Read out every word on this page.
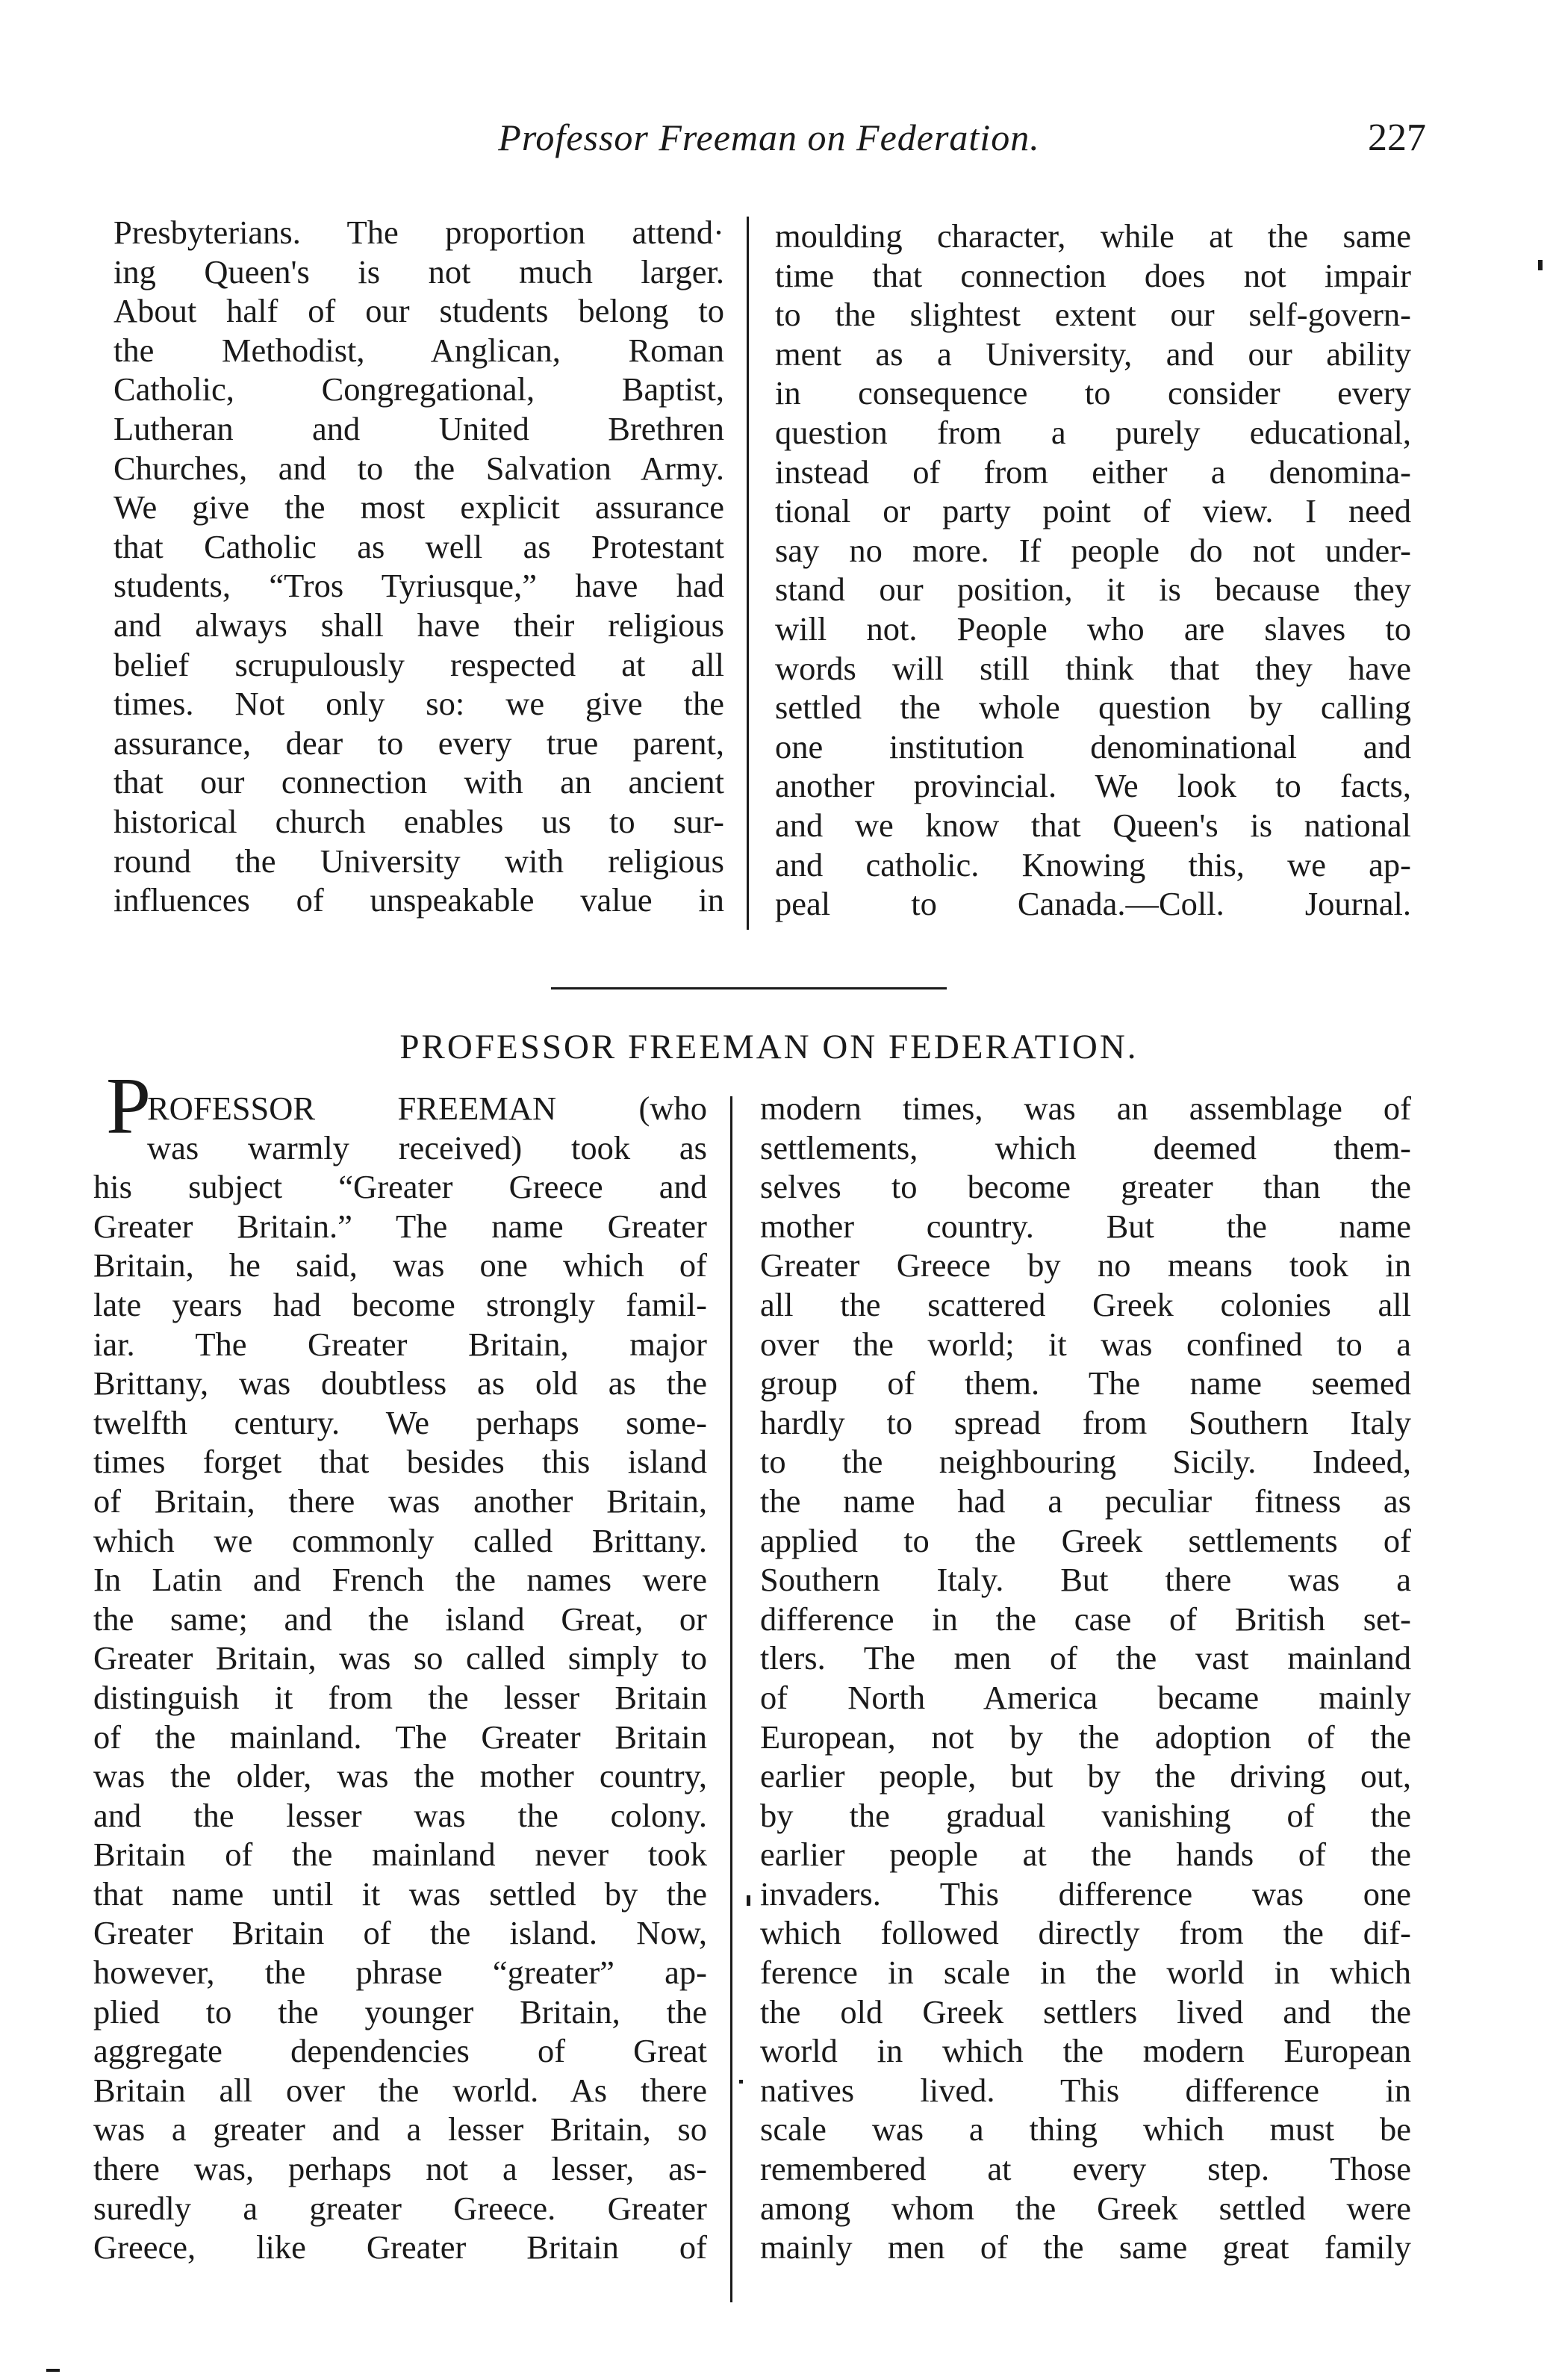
Professor Freeman on Federation.	227
Presbyterians. The proportion attend·
ing Queen's is not much larger.
About half of our students belong to
the Methodist, Anglican, Roman
Catholic, Congregational, Baptist,
Lutheran and United Brethren
Churches, and to the Salvation Army.
We give the most explicit assurance
that Catholic as well as Protestant
students, “Tros Tyriusque,” have had
and always shall have their religious
belief scrupulously respected at all
times. Not only so: we give the
assurance, dear to every true parent,
that our connection with an ancient
historical church enables us to sur-
round the University with religious
influences of unspeakable value in
moulding character, while at the same
time that connection does not impair
to the slightest extent our self-govern-
ment as a University, and our ability
in consequence to consider every
question from a purely educational,
instead of from either a denomina-
tional or party point of view. I need
say no more. If people do not under-
stand our position, it is because they
will not. People who are slaves to
words will still think that they have
settled the whole question by calling
one institution denominational and
another provincial. We look to facts,
and we know that Queen's is national
and catholic. Knowing this, we ap-
peal to Canada.—Coll. Journal.
PROFESSOR FREEMAN ON FEDERATION.
P
ROFESSOR FREEMAN (who
was warmly received) took as
his subject “Greater Greece and
Greater Britain.” The name Greater
Britain, he said, was one which of
late years had become strongly famil-
iar. The Greater Britain, major
Brittany, was doubtless as old as the
twelfth century. We perhaps some-
times forget that besides this island
of Britain, there was another Britain,
which we commonly called Brittany.
In Latin and French the names were
the same; and the island Great, or
Greater Britain, was so called simply to
distinguish it from the lesser Britain
of the mainland. The Greater Britain
was the older, was the mother country,
and the lesser was the colony.
Britain of the mainland never took
that name until it was settled by the
Greater Britain of the island. Now,
however, the phrase “greater” ap-
plied to the younger Britain, the
aggregate dependencies of Great
Britain all over the world. As there
was a greater and a lesser Britain, so
there was, perhaps not a lesser, as-
suredly a greater Greece. Greater
Greece, like Greater Britain of
modern times, was an assemblage of
settlements, which deemed them-
selves to become greater than the
mother country. But the name
Greater Greece by no means took in
all the scattered Greek colonies all
over the world; it was confined to a
group of them. The name seemed
hardly to spread from Southern Italy
to the neighbouring Sicily. Indeed,
the name had a peculiar fitness as
applied to the Greek settlements of
Southern Italy. But there was a
difference in the case of British set-
tlers. The men of the vast mainland
of North America became mainly
European, not by the adoption of the
earlier people, but by the driving out,
by the gradual vanishing of the
earlier people at the hands of the
invaders. This difference was one
which followed directly from the dif-
ference in scale in the world in which
the old Greek settlers lived and the
world in which the modern European
natives lived. This difference in
scale was a thing which must be
remembered at every step. Those
among whom the Greek settled were
mainly men of the same great family
